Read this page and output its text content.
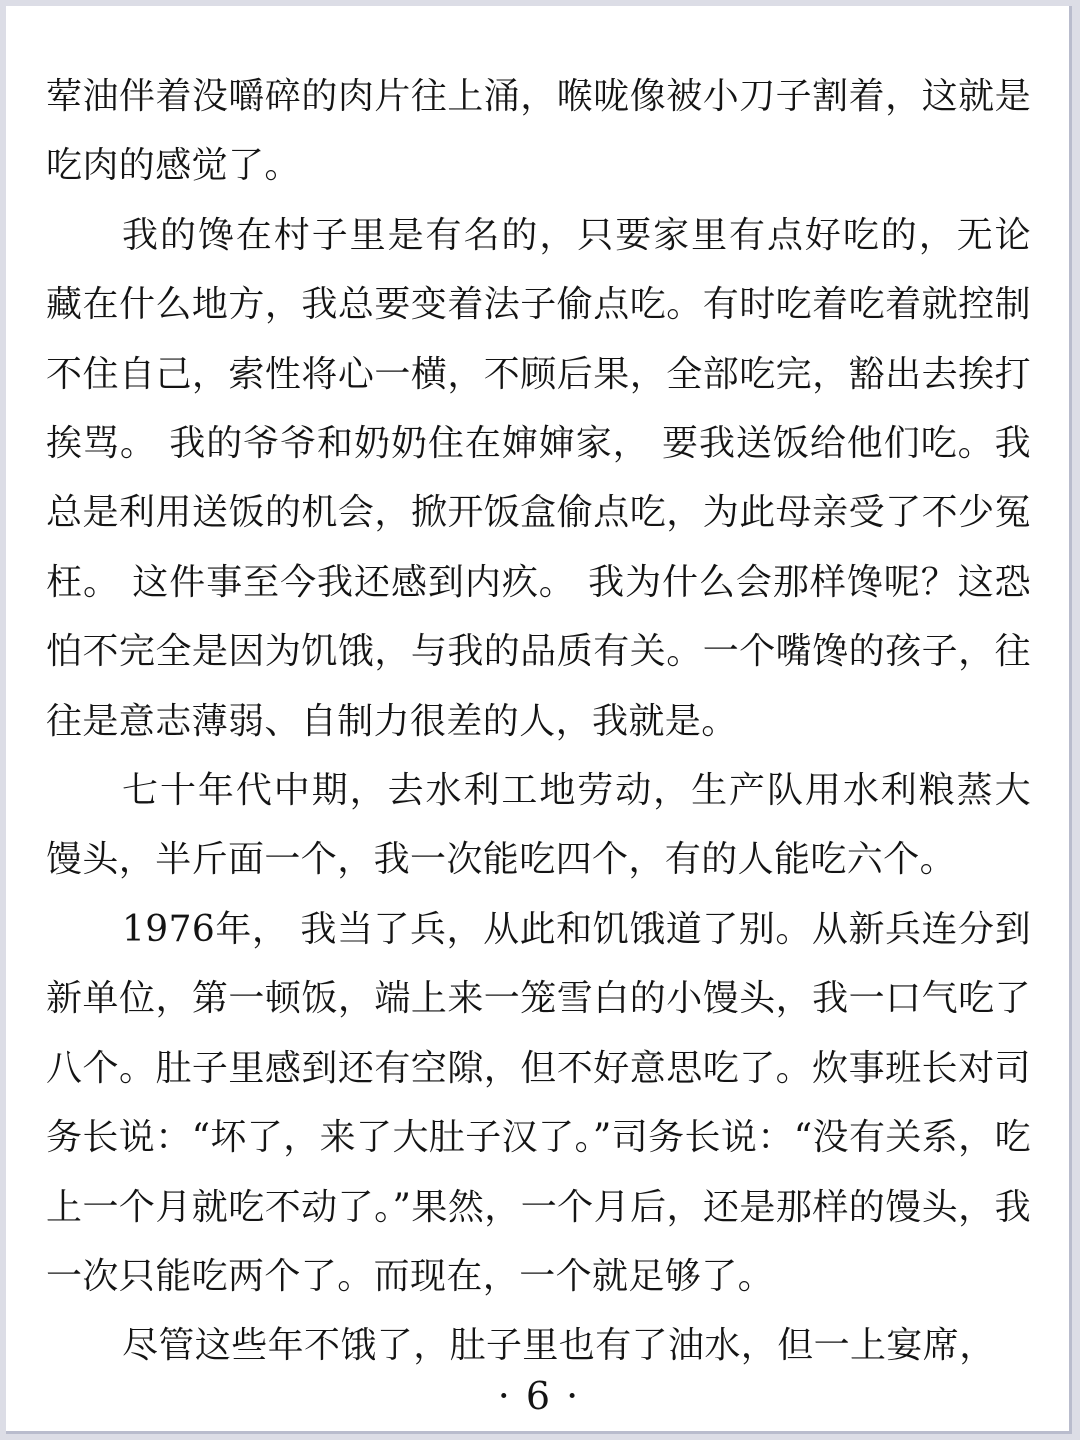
荤油伴着没嚼碎的肉片往上涌，喉咙像被小刀子割着，这就是吃肉的感觉了。

我的馋在村子里是有名的，只要家里有点好吃的，无论藏在什么地方，我总要变着法子偷点吃。有时吃着吃着就控制不住自己，索性将心一横，不顾后果，全部吃完，豁出去挨打挨骂。 我的爷爷和奶奶住在婶婶家， 要我送饭给他们吃。我总是利用送饭的机会，掀开饭盒偷点吃，为此母亲受了不少冤枉。 这件事至今我还感到内疚。 我为什么会那样馋呢？这恐怕不完全是因为饥饿，与我的品质有关。一个嘴馋的孩子，往往是意志薄弱、自制力很差的人，我就是。

七十年代中期，去水利工地劳动，生产队用水利粮蒸大馒头，半斤面一个，我一次能吃四个，有的人能吃六个。

1976年， 我当了兵，从此和饥饿道了别。从新兵连分到新单位，第一顿饭，端上来一笼雪白的小馒头，我一口气吃了八个。肚子里感到还有空隙，但不好意思吃了。炊事班长对司务长说：“坏了，来了大肚子汉了。”司务长说：“没有关系，吃上一个月就吃不动了。”果然，一个月后，还是那样的馒头，我一次只能吃两个了。而现在，一个就足够了。

尽管这些年不饿了，肚子里也有了油水，但一上宴席，

· 6 ·
